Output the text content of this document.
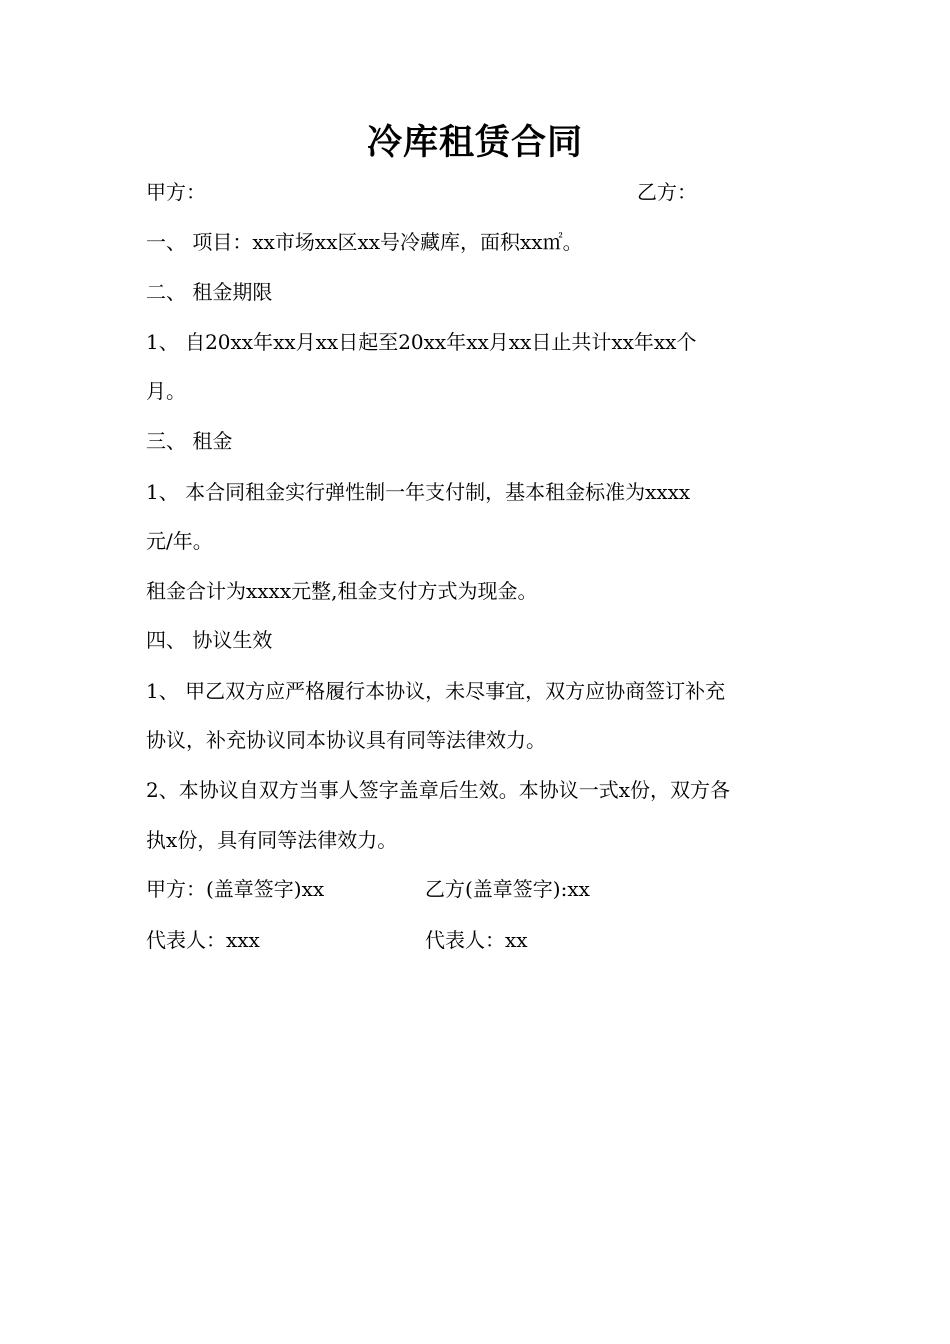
冷库租赁合同
甲方：	乙方：
一、 项目：xx市场xx区xx号冷藏库，面积xx㎡。
二、 租金期限
1、 自20xx年xx月xx日起至20xx年xx月xx日止共计xx年xx个
月。
三、 租金
1、 本合同租金实行弹性制一年支付制，基本租金标准为xxxx
元/年。
租金合计为xxxx元整,租金支付方式为现金。
四、 协议生效
1、 甲乙双方应严格履行本协议，未尽事宜，双方应协商签订补充
协议，补充协议同本协议具有同等法律效力。
2、本协议自双方当事人签字盖章后生效。本协议一式x份，双方各
执x份，具有同等法律效力。
甲方：(盖章签字)xx	乙方(盖章签字):xx
代表人：xxx	代表人：xx
